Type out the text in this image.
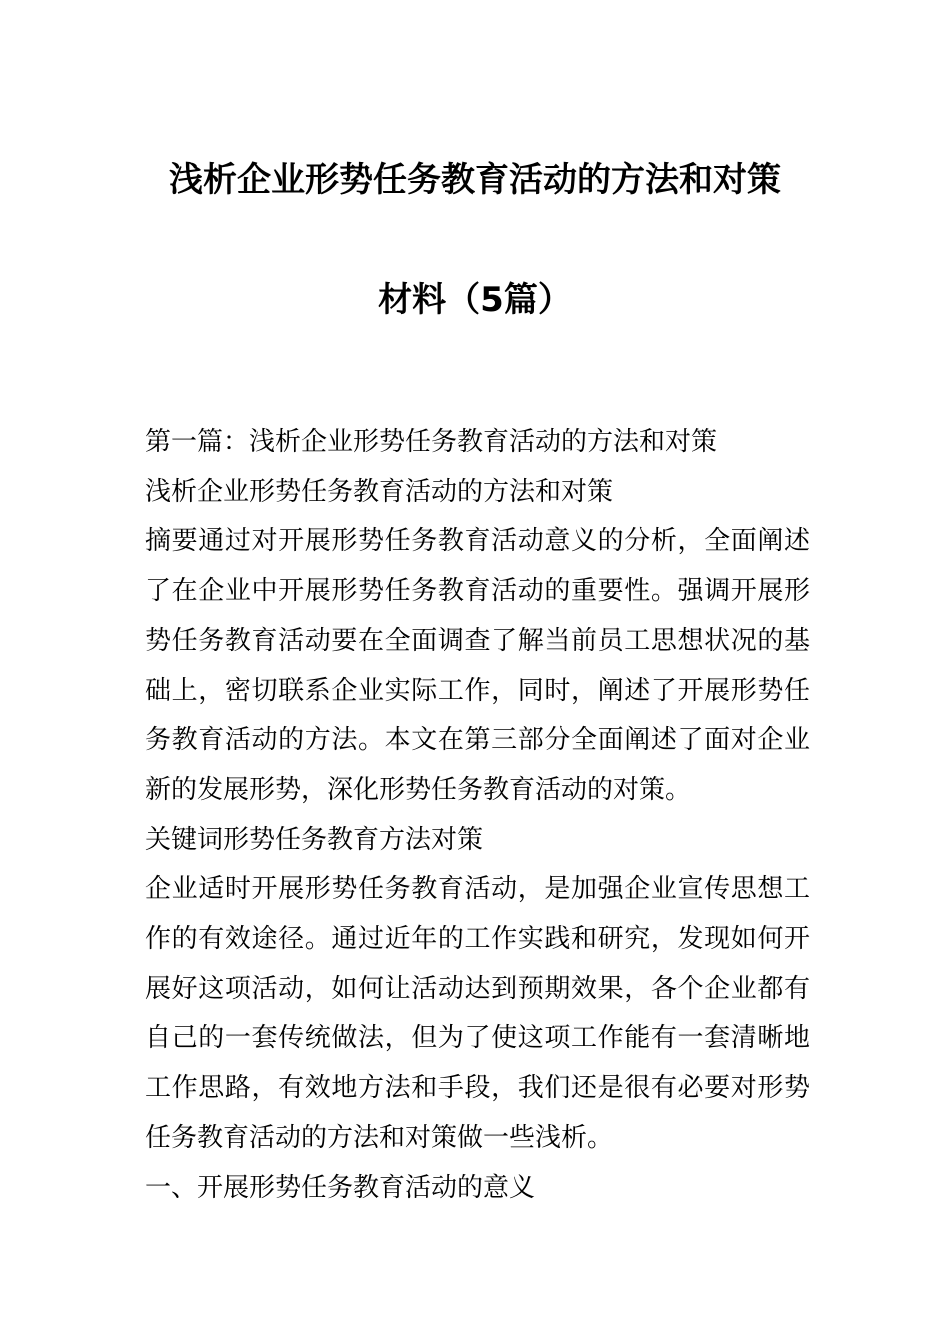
浅析企业形势任务教育活动的方法和对策
材料（5篇）

第一篇：浅析企业形势任务教育活动的方法和对策

浅析企业形势任务教育活动的方法和对策

摘要通过对开展形势任务教育活动意义的分析，全面阐述了在企业中开展形势任务教育活动的重要性。强调开展形势任务教育活动要在全面调查了解当前员工思想状况的基础上，密切联系企业实际工作，同时，阐述了开展形势任务教育活动的方法。本文在第三部分全面阐述了面对企业新的发展形势，深化形势任务教育活动的对策。

关键词形势任务教育方法对策

企业适时开展形势任务教育活动，是加强企业宣传思想工作的有效途径。通过近年的工作实践和研究，发现如何开展好这项活动，如何让活动达到预期效果，各个企业都有自己的一套传统做法，但为了使这项工作能有一套清晰地工作思路，有效地方法和手段，我们还是很有必要对形势任务教育活动的方法和对策做一些浅析。

一、开展形势任务教育活动的意义
